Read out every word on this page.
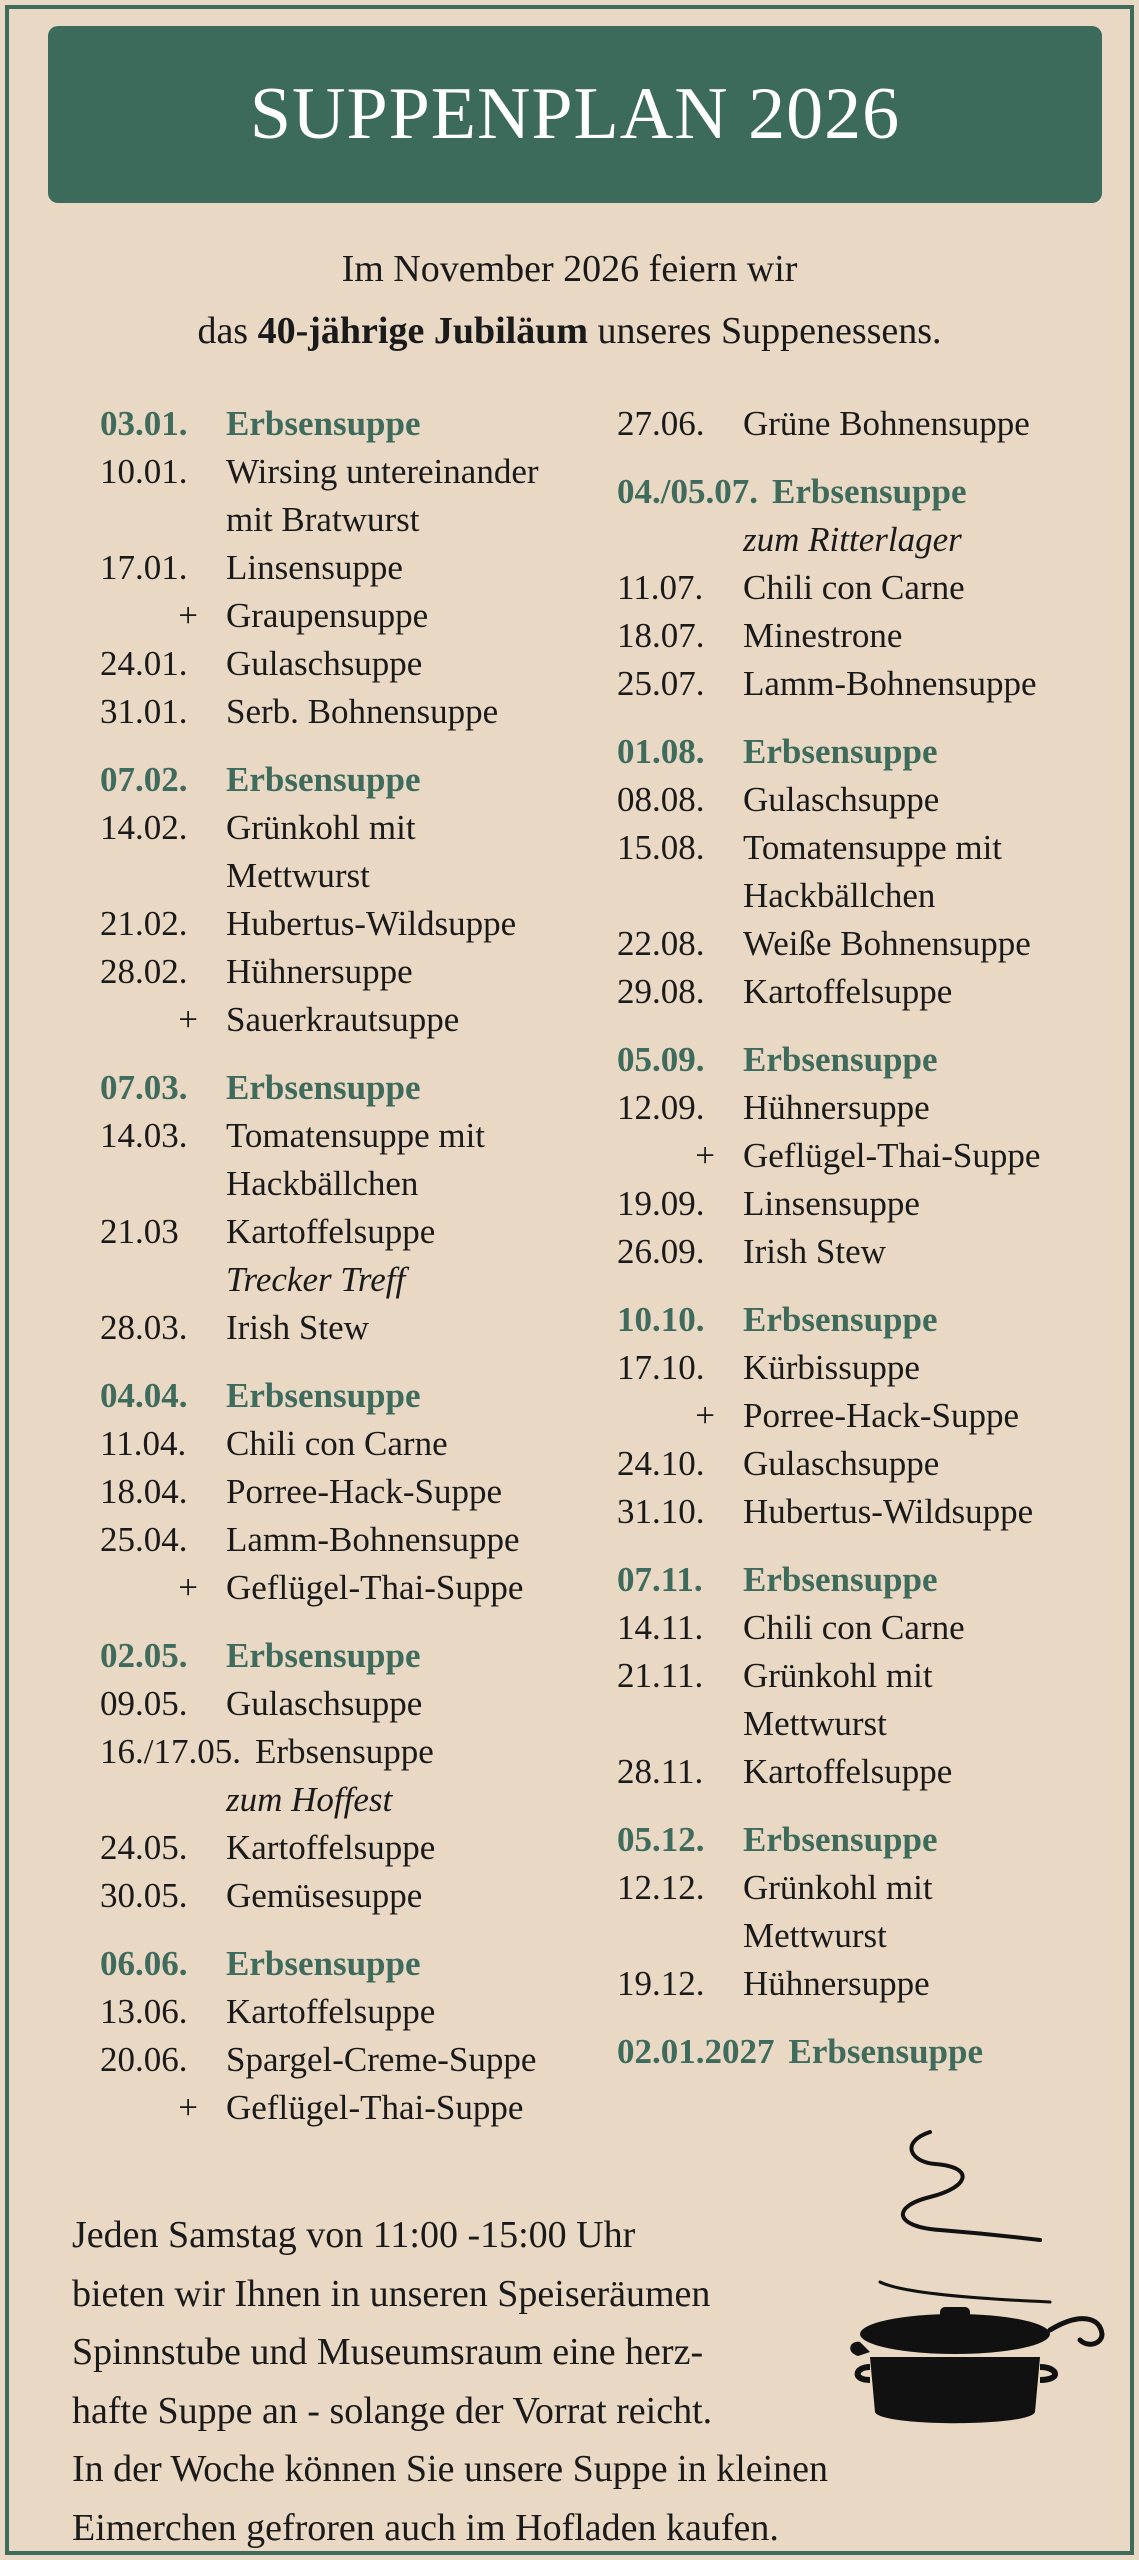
SUPPENPLAN 2026
Im November 2026 feiern wir
das 40-jährige Jubiläum unseres Suppenessens.
03.01.	Erbsensuppe
10.01.	Wirsing untereinander
mit Bratwurst
17.01.	Linsensuppe
+ Graupensuppe
24.01.	Gulaschsuppe
31.01.	Serb. Bohnensuppe
07.02.	Erbsensuppe
14.02.	Grünkohl mit
Mettwurst
21.02.	Hubertus-Wildsuppe
28.02.	Hühnersuppe
+ Sauerkrautsuppe
07.03.	Erbsensuppe
14.03.	Tomatensuppe mit
Hackbällchen
21.03	Kartoffelsuppe
Trecker Treff
28.03.	Irish Stew
04.04.	Erbsensuppe
11.04.	Chili con Carne
18.04.	Porree-Hack-Suppe
25.04.	Lamm-Bohnensuppe
+ Geflügel-Thai-Suppe
02.05.	Erbsensuppe
09.05.	Gulaschsuppe
16./17.05. Erbsensuppe
zum Hoffest
24.05.	Kartoffelsuppe
30.05.	Gemüsesuppe
06.06.	Erbsensuppe
13.06.	Kartoffelsuppe
20.06.	Spargel-Creme-Suppe
+ Geflügel-Thai-Suppe
27.06.	Grüne Bohnensuppe
04./05.07. Erbsensuppe
zum Ritterlager
11.07.	Chili con Carne
18.07.	Minestrone
25.07.	Lamm-Bohnensuppe
01.08.	Erbsensuppe
08.08.	Gulaschsuppe
15.08.	Tomatensuppe mit
Hackbällchen
22.08.	Weiße Bohnensuppe
29.08.	Kartoffelsuppe
05.09.	Erbsensuppe
12.09.	Hühnersuppe
+ Geflügel-Thai-Suppe
19.09.	Linsensuppe
26.09.	Irish Stew
10.10.	Erbsensuppe
17.10.	Kürbissuppe
+ Porree-Hack-Suppe
24.10.	Gulaschsuppe
31.10.	Hubertus-Wildsuppe
07.11.	Erbsensuppe
14.11.	Chili con Carne
21.11.	Grünkohl mit
Mettwurst
28.11.	Kartoffelsuppe
05.12.	Erbsensuppe
12.12.	Grünkohl mit
Mettwurst
19.12.	Hühnersuppe
02.01.2027 Erbsensuppe
Jeden Samstag von 11:00 -15:00 Uhr
bieten wir Ihnen in unseren Speiseräumen
Spinnstube und Museumsraum eine herz-
hafte Suppe an - solange der Vorrat reicht.
In der Woche können Sie unsere Suppe in kleinen
Eimerchen gefroren auch im Hofladen kaufen.
